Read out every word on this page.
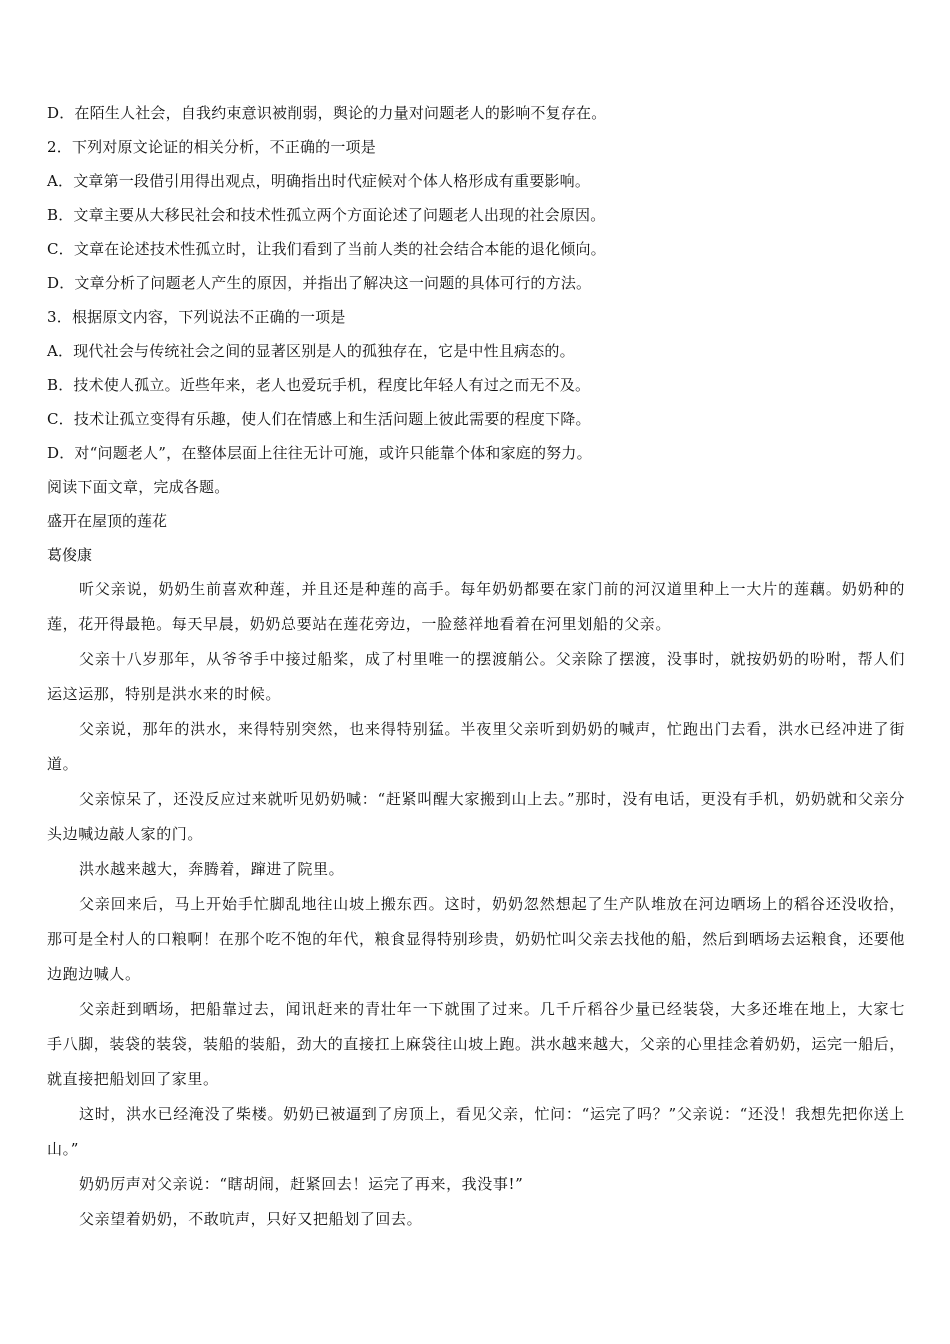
D．在陌生人社会，自我约束意识被削弱，舆论的力量对问题老人的影响不复存在。
2．下列对原文论证的相关分析，不正确的一项是
A．文章第一段借引用得出观点，明确指出时代症候对个体人格形成有重要影响。
B．文章主要从大移民社会和技术性孤立两个方面论述了问题老人出现的社会原因。
C．文章在论述技术性孤立时，让我们看到了当前人类的社会结合本能的退化倾向。
D．文章分析了问题老人产生的原因，并指出了解决这一问题的具体可行的方法。
3．根据原文内容，下列说法不正确的一项是
A．现代社会与传统社会之间的显著区别是人的孤独存在，它是中性且病态的。
B．技术使人孤立。近些年来，老人也爱玩手机，程度比年轻人有过之而无不及。
C．技术让孤立变得有乐趣，使人们在情感上和生活问题上彼此需要的程度下降。
D．对“问题老人”，在整体层面上往往无计可施，或许只能靠个体和家庭的努力。
阅读下面文章，完成各题。
盛开在屋顶的莲花
葛俊康

听父亲说，奶奶生前喜欢种莲，并且还是种莲的高手。每年奶奶都要在家门前的河汉道里种上一大片的莲藕。奶奶种的莲，花开得最艳。每天早晨，奶奶总要站在莲花旁边，一脸慈祥地看着在河里划船的父亲。

父亲十八岁那年，从爷爷手中接过船桨，成了村里唯一的摆渡艄公。父亲除了摆渡，没事时，就按奶奶的吩咐，帮人们运这运那，特别是洪水来的时候。

父亲说，那年的洪水，来得特别突然，也来得特别猛。半夜里父亲听到奶奶的喊声，忙跑出门去看，洪水已经冲进了街道。

父亲惊呆了，还没反应过来就听见奶奶喊：“赶紧叫醒大家搬到山上去。”那时，没有电话，更没有手机，奶奶就和父亲分头边喊边敲人家的门。

洪水越来越大，奔腾着，蹿进了院里。

父亲回来后，马上开始手忙脚乱地往山坡上搬东西。这时，奶奶忽然想起了生产队堆放在河边晒场上的稻谷还没收拾，那可是全村人的口粮啊！在那个吃不饱的年代，粮食显得特别珍贵，奶奶忙叫父亲去找他的船，然后到晒场去运粮食，还要他边跑边喊人。

父亲赶到晒场，把船靠过去，闻讯赶来的青壮年一下就围了过来。几千斤稻谷少量已经装袋，大多还堆在地上，大家七手八脚，装袋的装袋，装船的装船，劲大的直接扛上麻袋往山坡上跑。洪水越来越大，父亲的心里挂念着奶奶，运完一船后，就直接把船划回了家里。

这时，洪水已经淹没了柴楼。奶奶已被逼到了房顶上，看见父亲，忙问：“运完了吗？”父亲说：“还没！我想先把你送上山。”

奶奶厉声对父亲说：“瞎胡闹，赶紧回去！运完了再来，我没事!”

父亲望着奶奶，不敢吭声，只好又把船划了回去。
